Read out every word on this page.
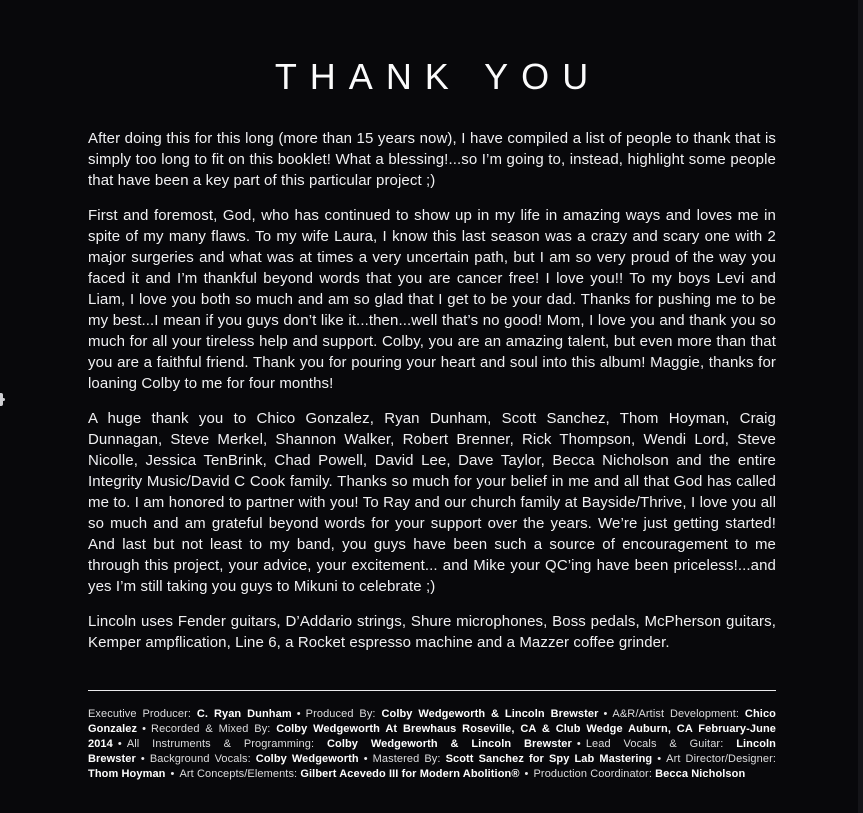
THANK YOU

After doing this for this long (more than 15 years now), I have compiled a list of people to thank that is simply too long to fit on this booklet! What a blessing!...so I’m going to, instead, highlight some people that have been a key part of this particular project ;)

First and foremost, God, who has continued to show up in my life in amazing ways and loves me in spite of my many flaws. To my wife Laura, I know this last season was a crazy and scary one with 2 major surgeries and what was at times a very uncertain path, but I am so very proud of the way you faced it and I’m thankful beyond words that you are cancer free! I love you!! To my boys Levi and Liam, I love you both so much and am so glad that I get to be your dad. Thanks for pushing me to be my best...I mean if you guys don’t like it...then...well that’s no good! Mom, I love you and thank you so much for all your tireless help and support. Colby, you are an amazing talent, but even more than that you are a faithful friend. Thank you for pouring your heart and soul into this album! Maggie, thanks for loaning Colby to me for four months!

A huge thank you to Chico Gonzalez, Ryan Dunham, Scott Sanchez, Thom Hoyman, Craig Dunnagan, Steve Merkel, Shannon Walker, Robert Brenner, Rick Thompson, Wendi Lord, Steve Nicolle, Jessica TenBrink, Chad Powell, David Lee, Dave Taylor, Becca Nicholson and the entire Integrity Music/David C Cook family. Thanks so much for your belief in me and all that God has called me to. I am honored to partner with you! To Ray and our church family at Bayside/Thrive, I love you all so much and am grateful beyond words for your support over the years. We’re just getting started! And last but not least to my band, you guys have been such a source of encouragement to me through this project, your advice, your excitement... and Mike your QC’ing have been priceless!...and yes I’m still taking you guys to Mikuni to celebrate ;)

Lincoln uses Fender guitars, D’Addario strings, Shure microphones, Boss pedals, McPherson guitars, Kemper ampflication, Line 6, a Rocket espresso machine and a Mazzer coffee grinder.

Executive Producer: C. Ryan Dunham • Produced By: Colby Wedgeworth & Lincoln Brewster • A&R/Artist Development: Chico Gonzalez • Recorded & Mixed By: Colby Wedgeworth At Brewhaus Roseville, CA & Club Wedge Auburn, CA February-June 2014 • All Instruments & Programming: Colby Wedgeworth & Lincoln Brewster • Lead Vocals & Guitar: Lincoln Brewster • Background Vocals: Colby Wedgeworth • Mastered By: Scott Sanchez for Spy Lab Mastering • Art Director/Designer: Thom Hoyman • Art Concepts/Elements: Gilbert Acevedo III for Modern Abolition® • Production Coordinator: Becca Nicholson
